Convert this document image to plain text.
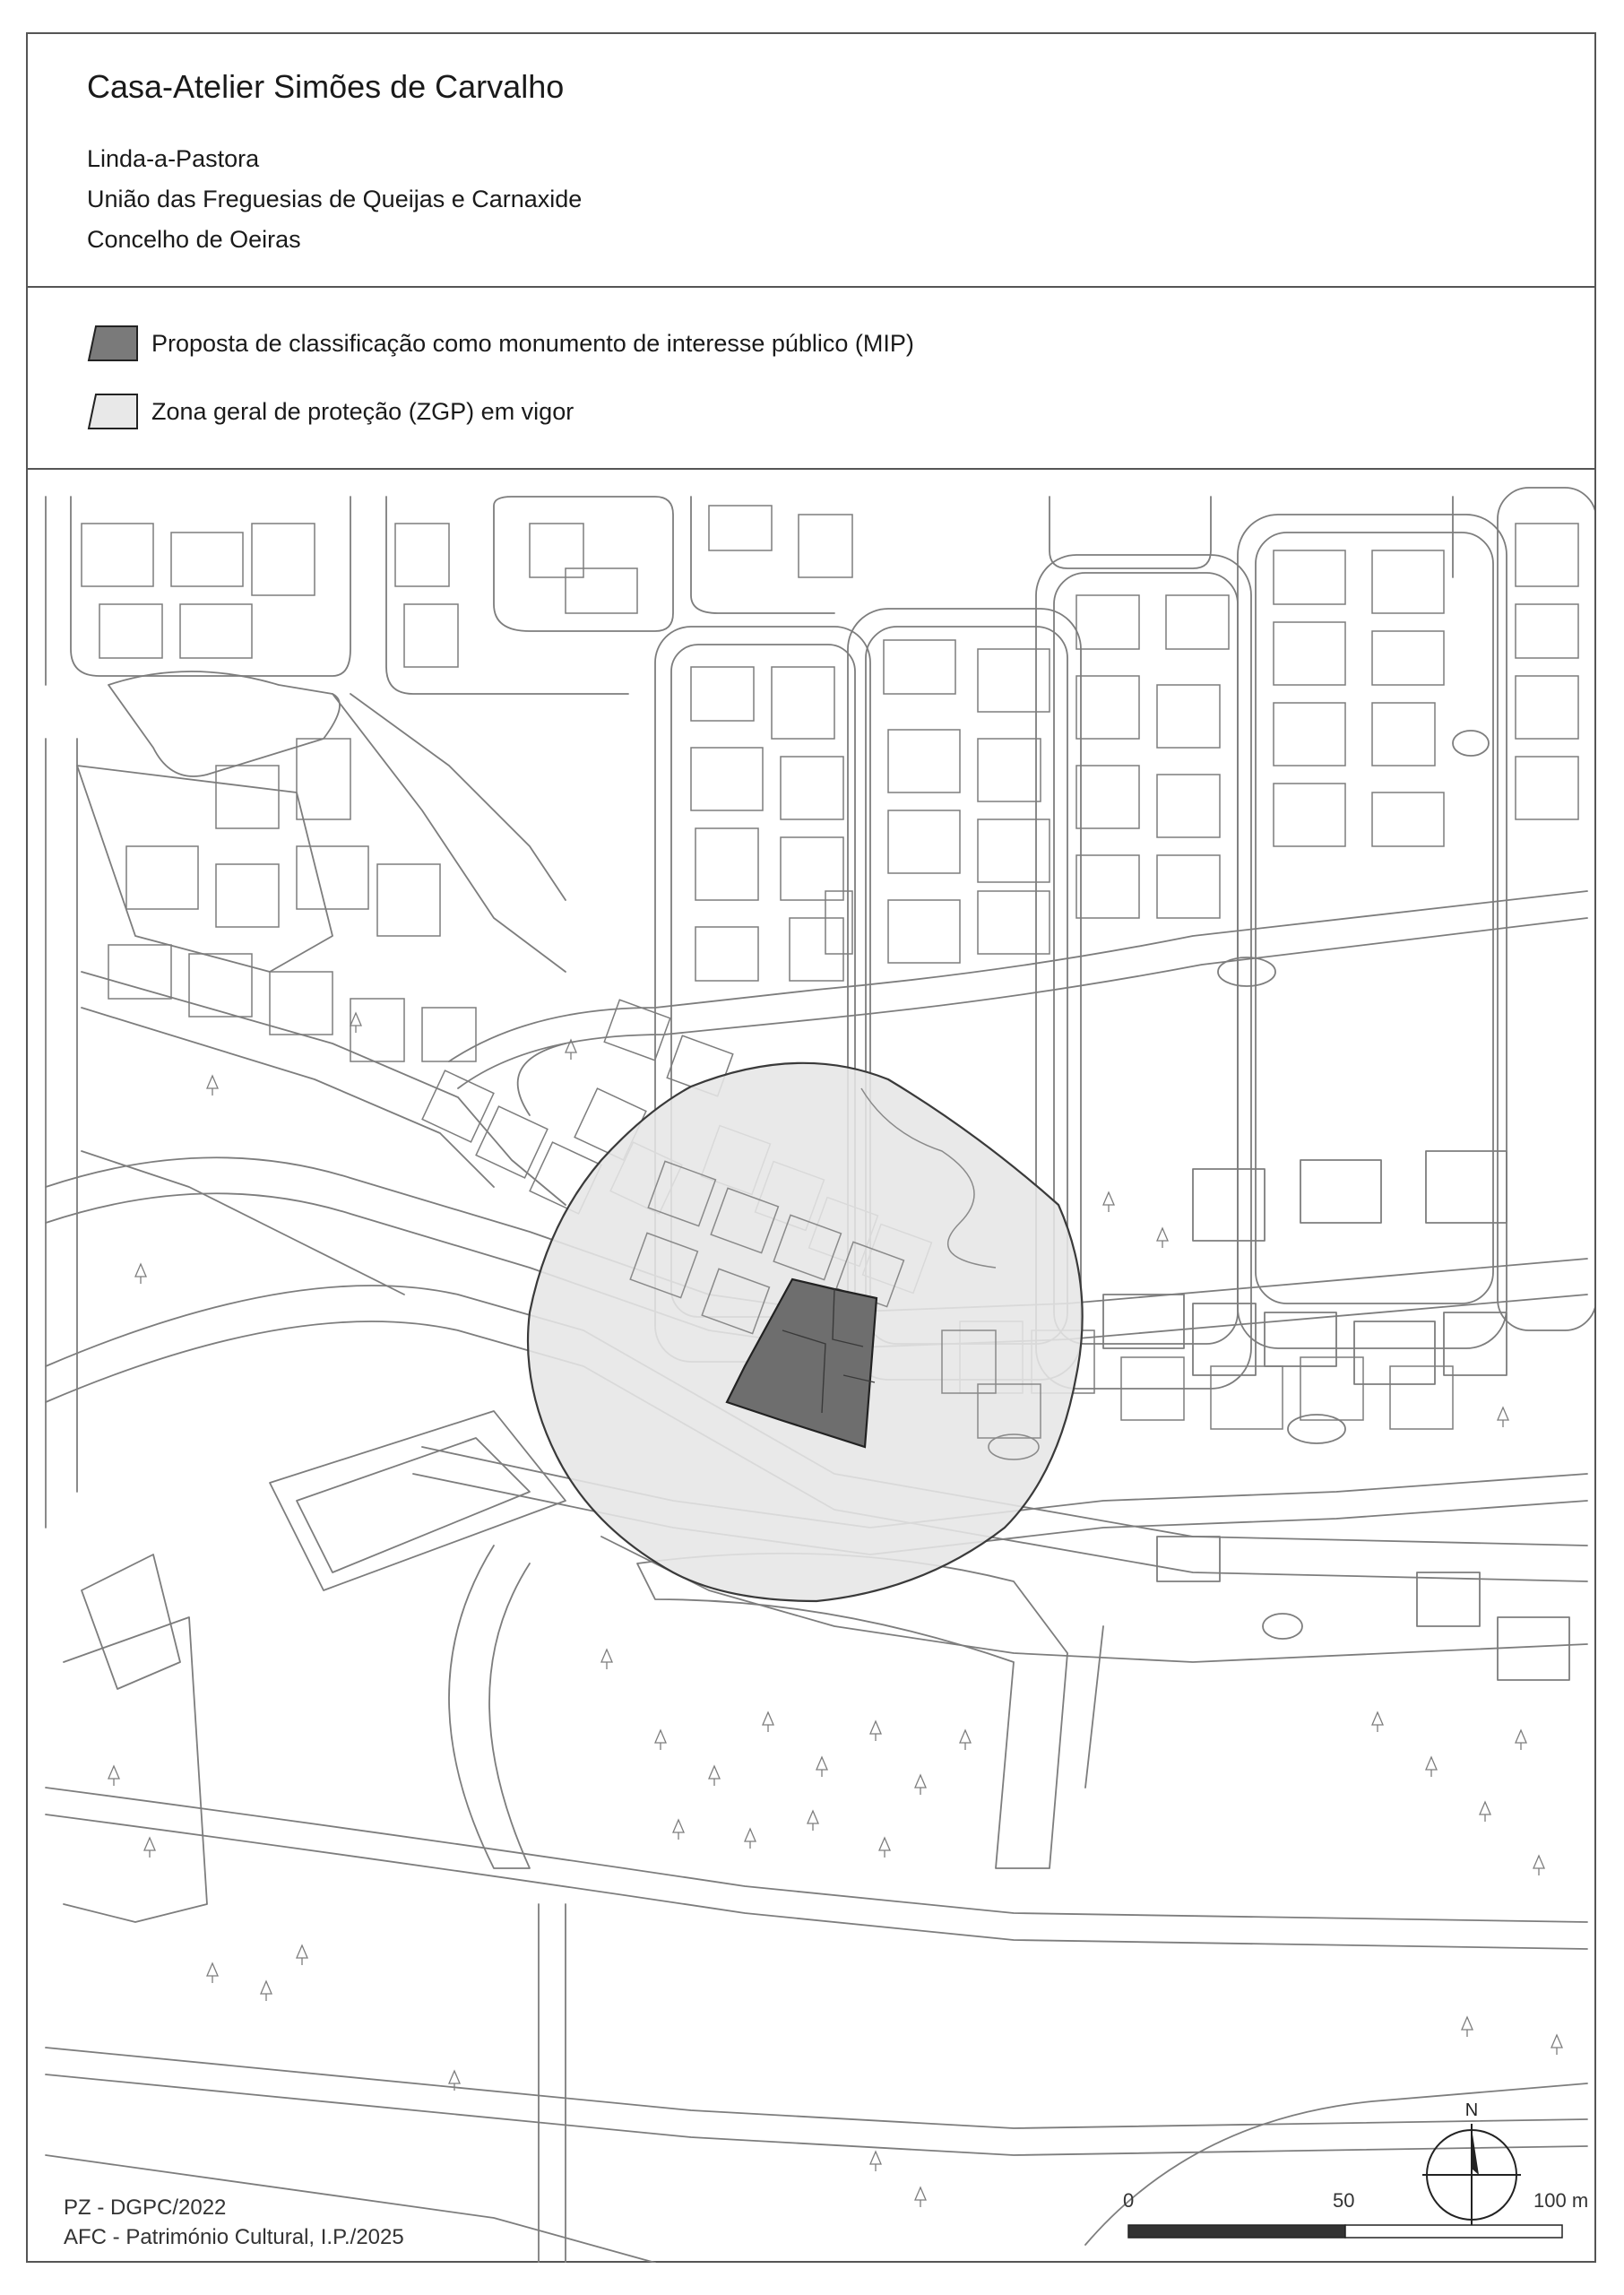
Casa-Atelier Simões de Carvalho
Linda-a-Pastora
União das Freguesias de Queijas e Carnaxide
Concelho de Oeiras
Proposta de classificação como monumento de interesse público (MIP)
Zona geral de proteção (ZGP) em vigor
N
0	50	100 m
PZ - DGPC/2022
AFC - Património Cultural, I.P./2025
